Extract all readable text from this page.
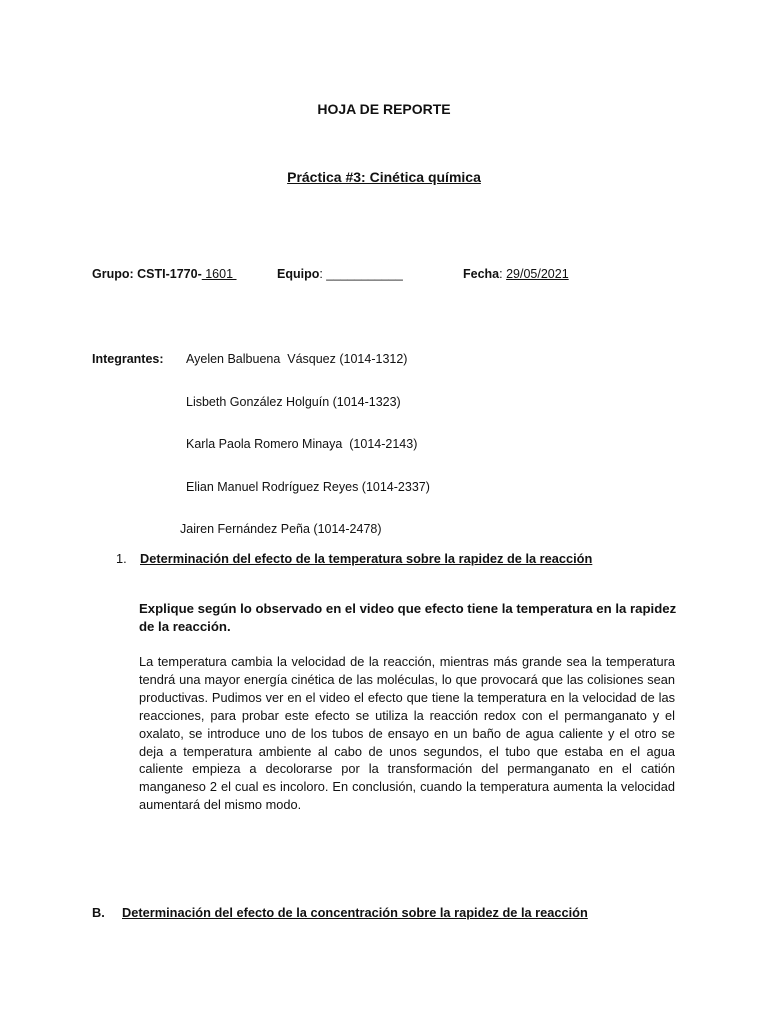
HOJA DE REPORTE
Práctica #3: Cinética química
Grupo: CSTI-1770- 1601	Equipo: ___________	Fecha: 29/05/2021
Integrantes: Ayelen Balbuena  Vásquez (1014-1312)
Lisbeth González Holguín (1014-1323)
Karla Paola Romero Minaya  (1014-2143)
Elian Manuel Rodríguez Reyes (1014-2337)
Jairen Fernández Peña (1014-2478)
1. Determinación del efecto de la temperatura sobre la rapidez de la reacción
Explique según lo observado en el video que efecto tiene la temperatura en la rapidez de la reacción.
La temperatura cambia la velocidad de la reacción, mientras más grande sea la temperatura tendrá una mayor energía cinética de las moléculas, lo que provocará que las colisiones sean productivas. Pudimos ver en el video el efecto que tiene la temperatura en la velocidad de las reacciones, para probar este efecto se utiliza la reacción redox con el permanganato y el oxalato, se introduce uno de los tubos de ensayo en un baño de agua caliente y el otro se deja a temperatura ambiente al cabo de unos segundos, el tubo que estaba en el agua caliente empieza a decolorarse por la transformación del permanganato en el catión manganeso 2 el cual es incoloro. En conclusión, cuando la temperatura aumenta la velocidad aumentará del mismo modo.
B. Determinación del efecto de la concentración sobre la rapidez de la reacción
